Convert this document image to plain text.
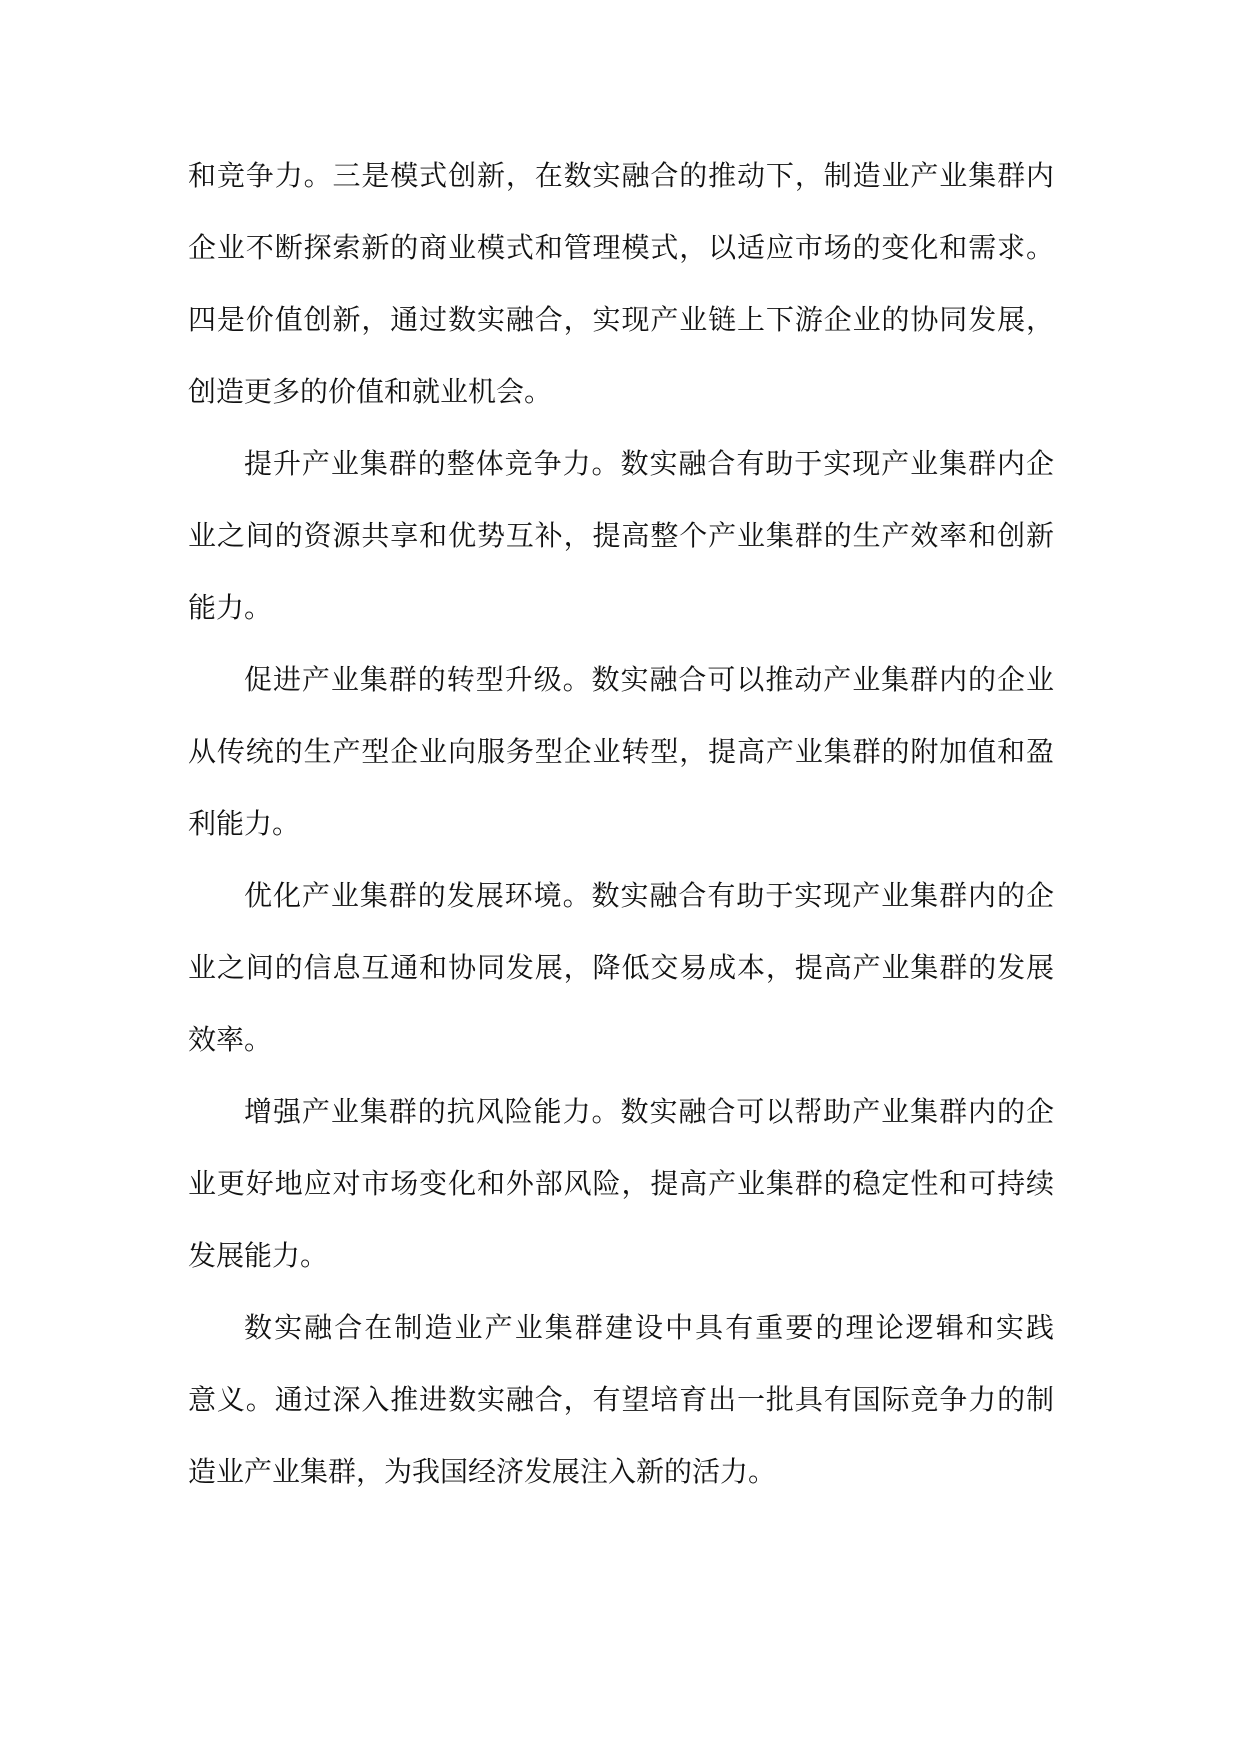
和竞争力。三是模式创新，在数实融合的推动下，制造业产业集群内
企业不断探索新的商业模式和管理模式，以适应市场的变化和需求。
四是价值创新，通过数实融合，实现产业链上下游企业的协同发展，
创造更多的价值和就业机会。
提升产业集群的整体竞争力。数实融合有助于实现产业集群内企
业之间的资源共享和优势互补，提高整个产业集群的生产效率和创新
能力。
促进产业集群的转型升级。数实融合可以推动产业集群内的企业
从传统的生产型企业向服务型企业转型，提高产业集群的附加值和盈
利能力。
优化产业集群的发展环境。数实融合有助于实现产业集群内的企
业之间的信息互通和协同发展，降低交易成本，提高产业集群的发展
效率。
增强产业集群的抗风险能力。数实融合可以帮助产业集群内的企
业更好地应对市场变化和外部风险，提高产业集群的稳定性和可持续
发展能力。
数实融合在制造业产业集群建设中具有重要的理论逻辑和实践
意义。通过深入推进数实融合，有望培育出一批具有国际竞争力的制
造业产业集群，为我国经济发展注入新的活力。
